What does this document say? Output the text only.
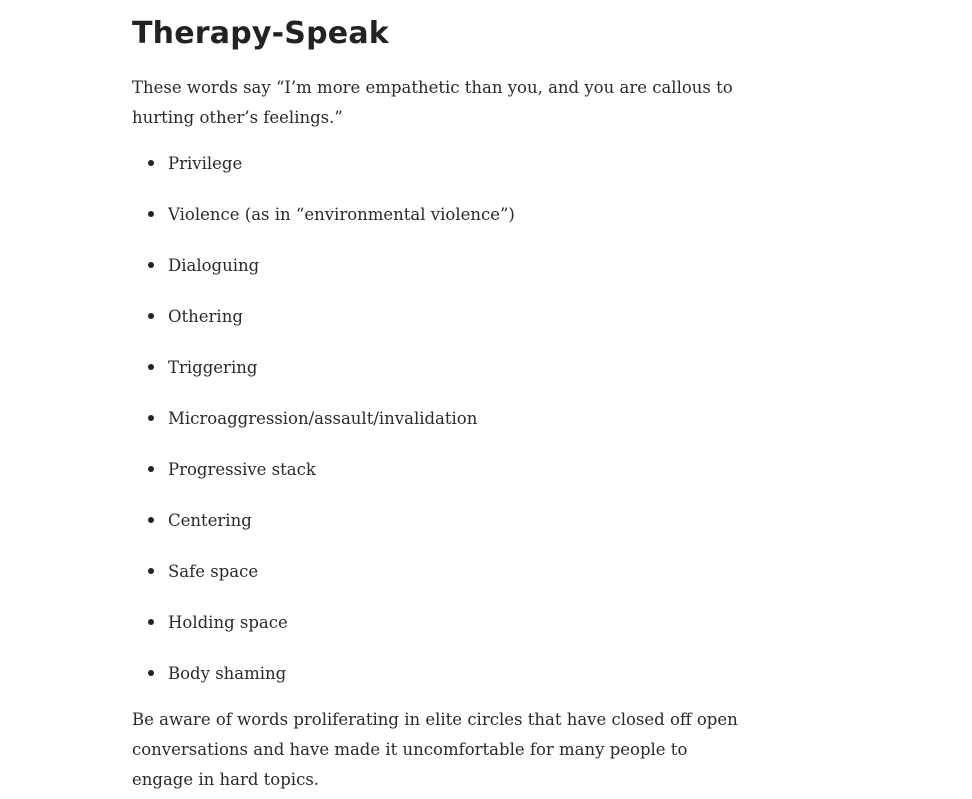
Therapy-Speak

These words say “I’m more empathetic than you, and you are callous to hurting other’s feelings.”

Privilege
Violence (as in “environmental violence”)
Dialoguing
Othering
Triggering
Microaggression/assault/invalidation
Progressive stack
Centering
Safe space
Holding space
Body shaming

Be aware of words proliferating in elite circles that have closed off open conversations and have made it uncomfortable for many people to engage in hard topics.
